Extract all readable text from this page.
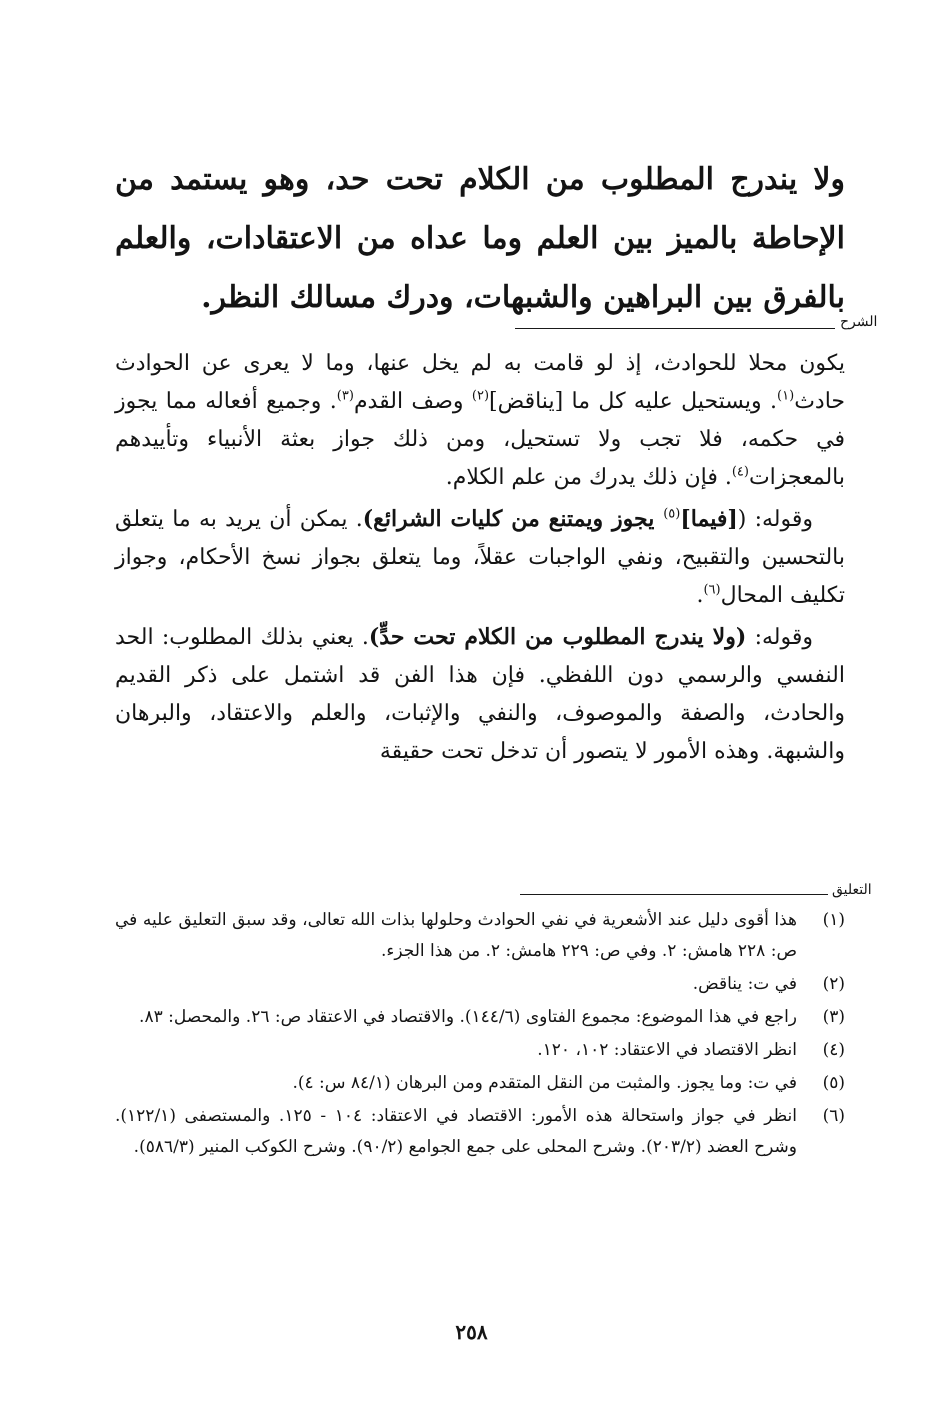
ولا يندرج المطلوب من الكلام تحت حد، وهو يستمد من الإحاطة بالميز بين العلم وما عداه من الاعتقادات، والعلم بالفرق بين البراهين والشبهات، ودرك مسالك النظر.
الشرح

يكون محلا للحوادث، إذ لو قامت به لم يخل عنها، وما لا يعرى عن الحوادث حادث$^{(١)}$. ويستحيل عليه كل ما [يناقض]$^{(٢)}$ وصف القدم$^{(٣)}$. وجميع أفعاله مما يجوز في حكمه، فلا تجب ولا تستحيل، ومن ذلك جواز بعثة الأنبياء وتأييدهم بالمعجزات$^{(٤)}$. فإن ذلك يدرك من علم الكلام.

وقوله: ([فيما]$^{(٥)}$ يجوز ويمتنع من كليات الشرائع). يمكن أن يريد به ما يتعلق بالتحسين والتقبيح، ونفي الواجبات عقلاً، وما يتعلق بجواز نسخ الأحكام، وجواز تكليف المحال$^{(٦)}$.

وقوله: (ولا يندرج المطلوب من الكلام تحت حدٍّ). يعني بذلك المطلوب: الحد النفسي والرسمي دون اللفظي. فإن هذا الفن قد اشتمل على ذكر القديم والحادث، والصفة والموصوف، والنفي والإثبات، والعلم والاعتقاد، والبرهان والشبهة. وهذه الأمور لا يتصور أن تدخل تحت حقيقة

التعليق
(١)
هذا أقوى دليل عند الأشعرية في نفي الحوادث وحلولها بذات الله تعالى، وقد سبق التعليق عليه في ص: ٢٢٨ هامش: ٢. وفي ص: ٢٢٩ هامش: ٢. من هذا الجزء.
(٢)
في ت: يناقض.
(٣)
راجع في هذا الموضوع: مجموع الفتاوى (١٤٤/٦). والاقتصاد في الاعتقاد ص: ٢٦. والمحصل: ٨٣.
(٤)
انظر الاقتصاد في الاعتقاد: ١٠٢، ١٢٠.
(٥)
في ت: وما يجوز. والمثبت من النقل المتقدم ومن البرهان (٨٤/١ س: ٤).
(٦)
انظر في جواز واستحالة هذه الأمور: الاقتصاد في الاعتقاد: ١٠٤ - ١٢٥. والمستصفى (١٢٢/١). وشرح العضد (٢٠٣/٢). وشرح المحلى على جمع الجوامع (٩٠/٢). وشرح الكوكب المنير (٥٨٦/٣).
٢٥٨
